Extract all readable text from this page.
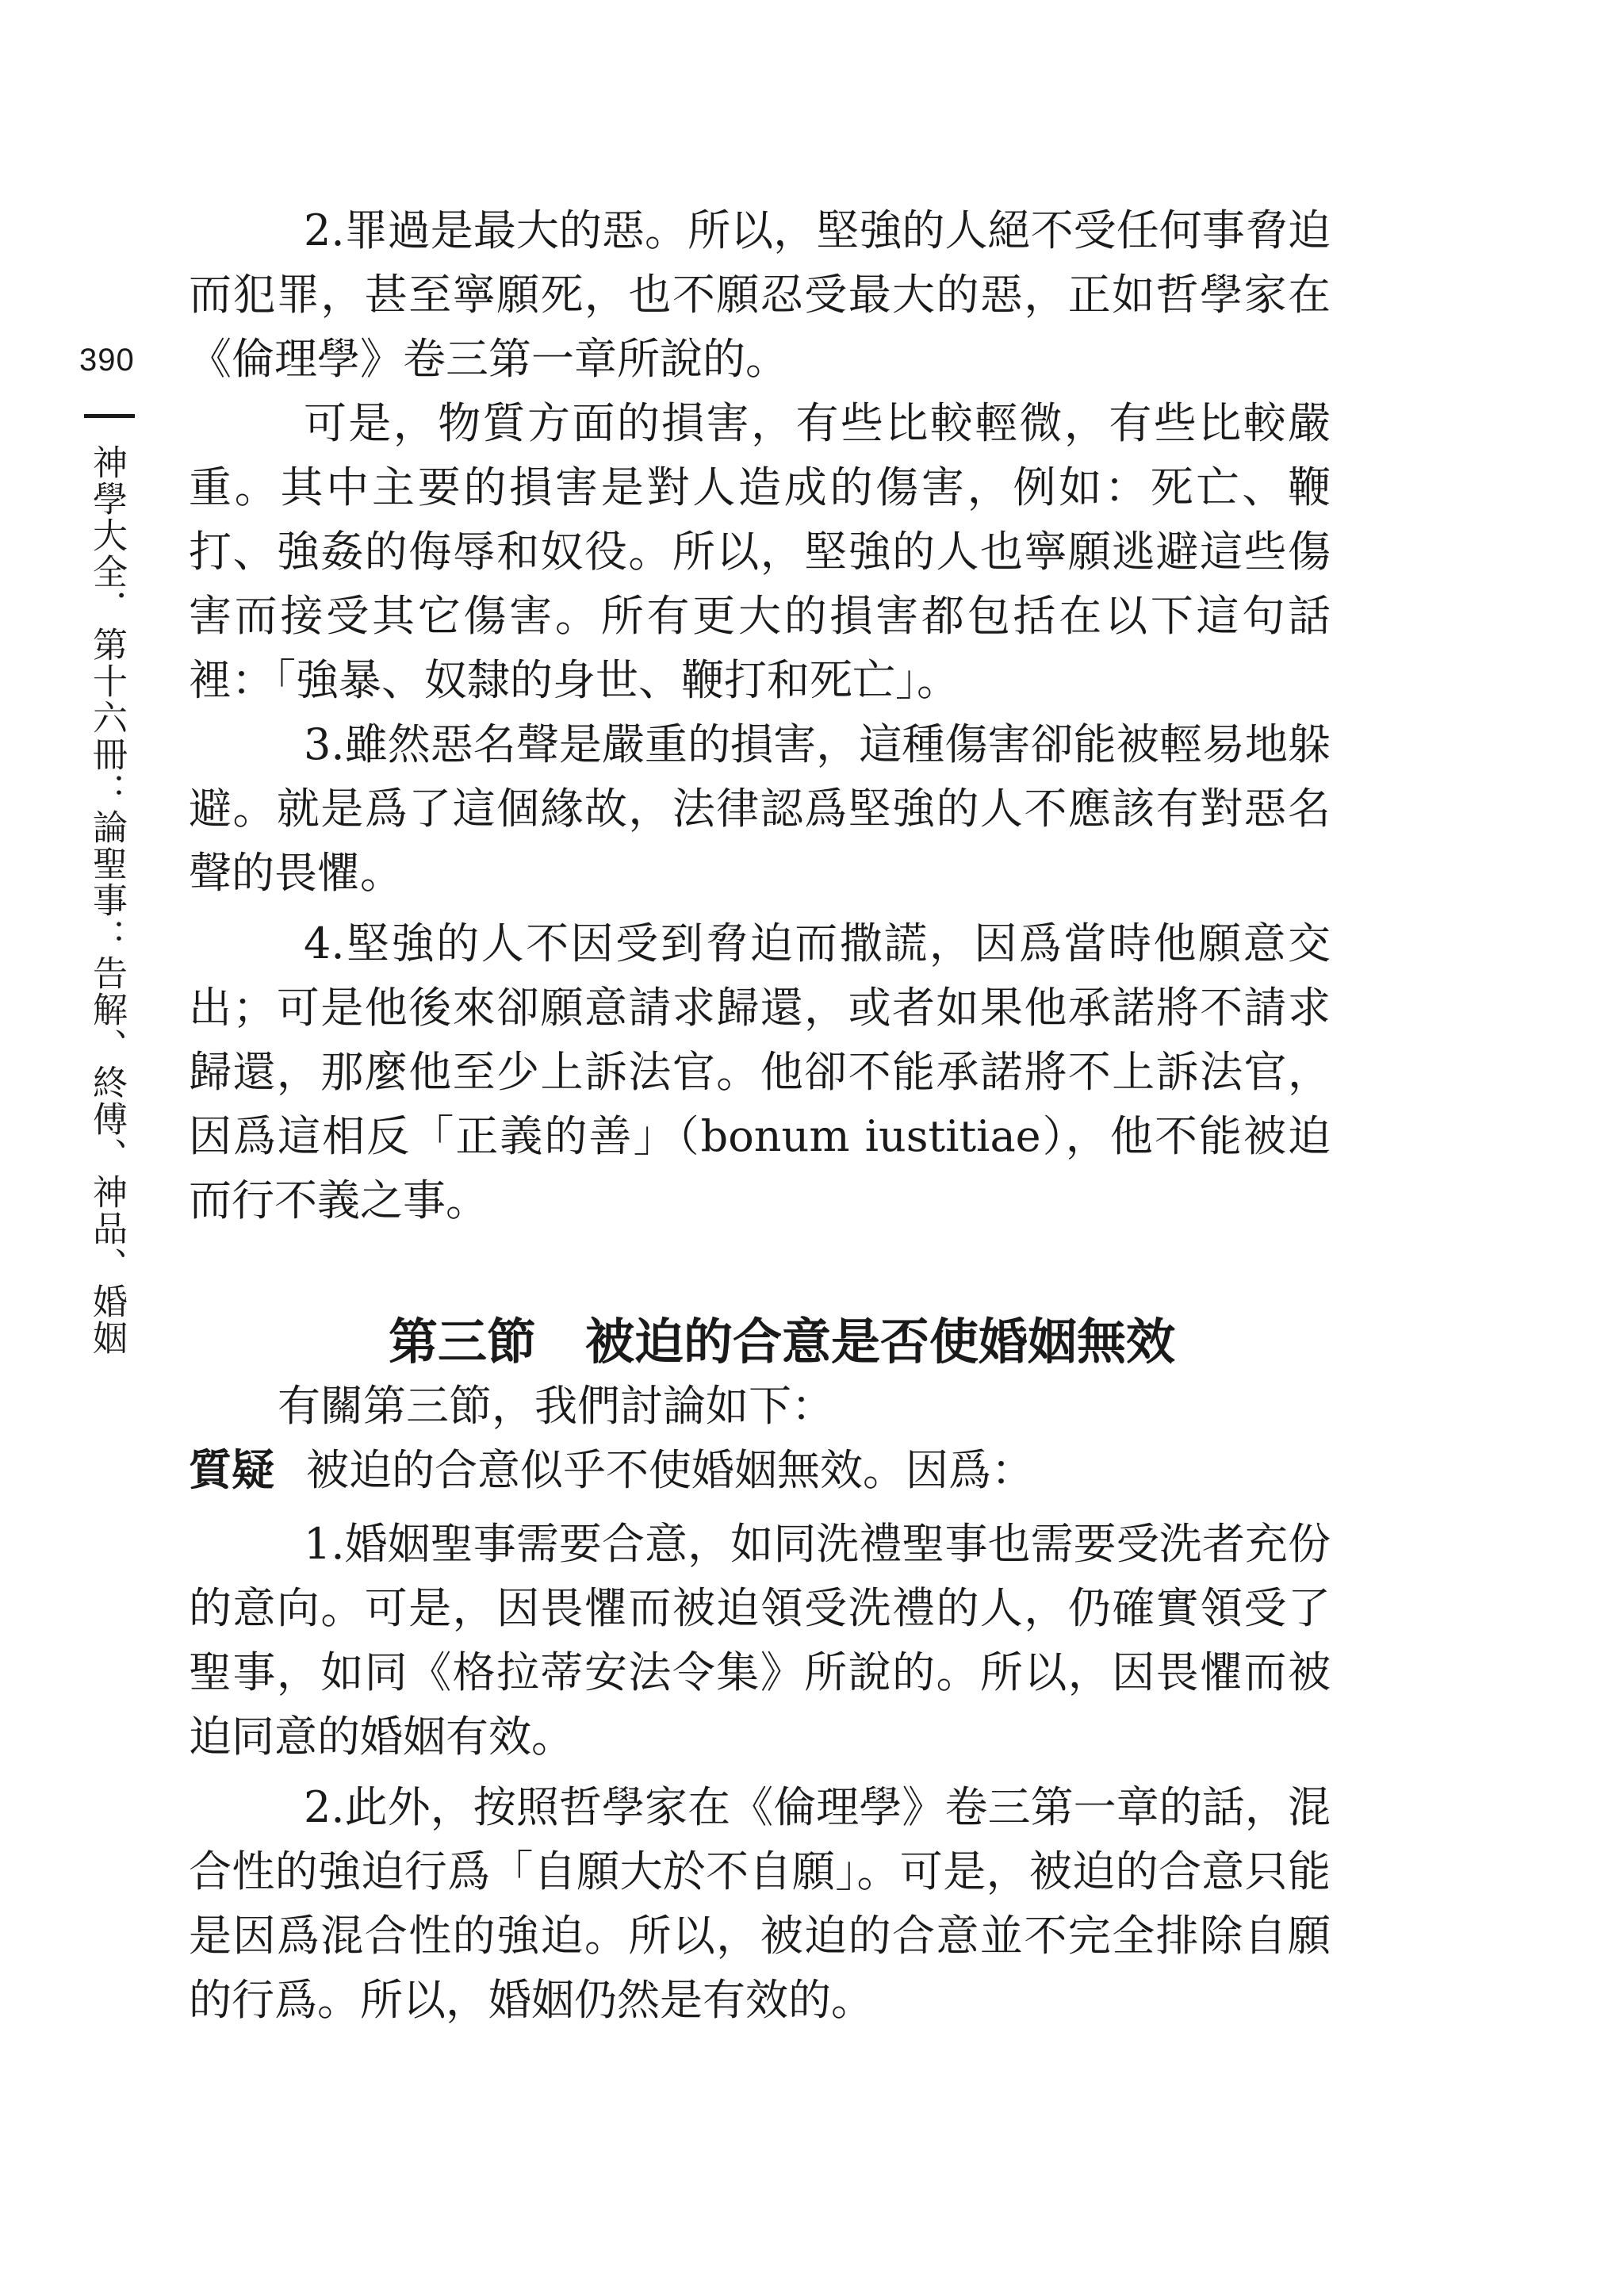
390
神學大全．第十六冊：論聖事：告解、終傅、神品、婚姻

2.罪過是最大的惡。所以，堅強的人絕不受任何事脅迫而犯罪，甚至寧願死，也不願忍受最大的惡，正如哲學家在《倫理學》卷三第一章所說的。

可是，物質方面的損害，有些比較輕微，有些比較嚴重。其中主要的損害是對人造成的傷害，例如：死亡、鞭打、強姦的侮辱和奴役。所以，堅強的人也寧願逃避這些傷害而接受其它傷害。所有更大的損害都包括在以下這句話裡：「強暴、奴隸的身世、鞭打和死亡」。

3.雖然惡名聲是嚴重的損害，這種傷害卻能被輕易地躲避。就是爲了這個緣故，法律認爲堅強的人不應該有對惡名聲的畏懼。

4.堅強的人不因受到脅迫而撒謊，因爲當時他願意交出；可是他後來卻願意請求歸還，或者如果他承諾將不請求歸還，那麼他至少上訴法官。他卻不能承諾將不上訴法官，因爲這相反「正義的善」（bonum iustitiae），他不能被迫而行不義之事。

第三節　被迫的合意是否使婚姻無效

有關第三節，我們討論如下：

質疑 被迫的合意似乎不使婚姻無效。因爲：

1.婚姻聖事需要合意，如同洗禮聖事也需要受洗者充份的意向。可是，因畏懼而被迫領受洗禮的人，仍確實領受了聖事，如同《格拉蒂安法令集》所說的。所以，因畏懼而被迫同意的婚姻有效。

2.此外，按照哲學家在《倫理學》卷三第一章的話，混合性的強迫行爲「自願大於不自願」。可是，被迫的合意只能是因爲混合性的強迫。所以，被迫的合意並不完全排除自願的行爲。所以，婚姻仍然是有效的。
